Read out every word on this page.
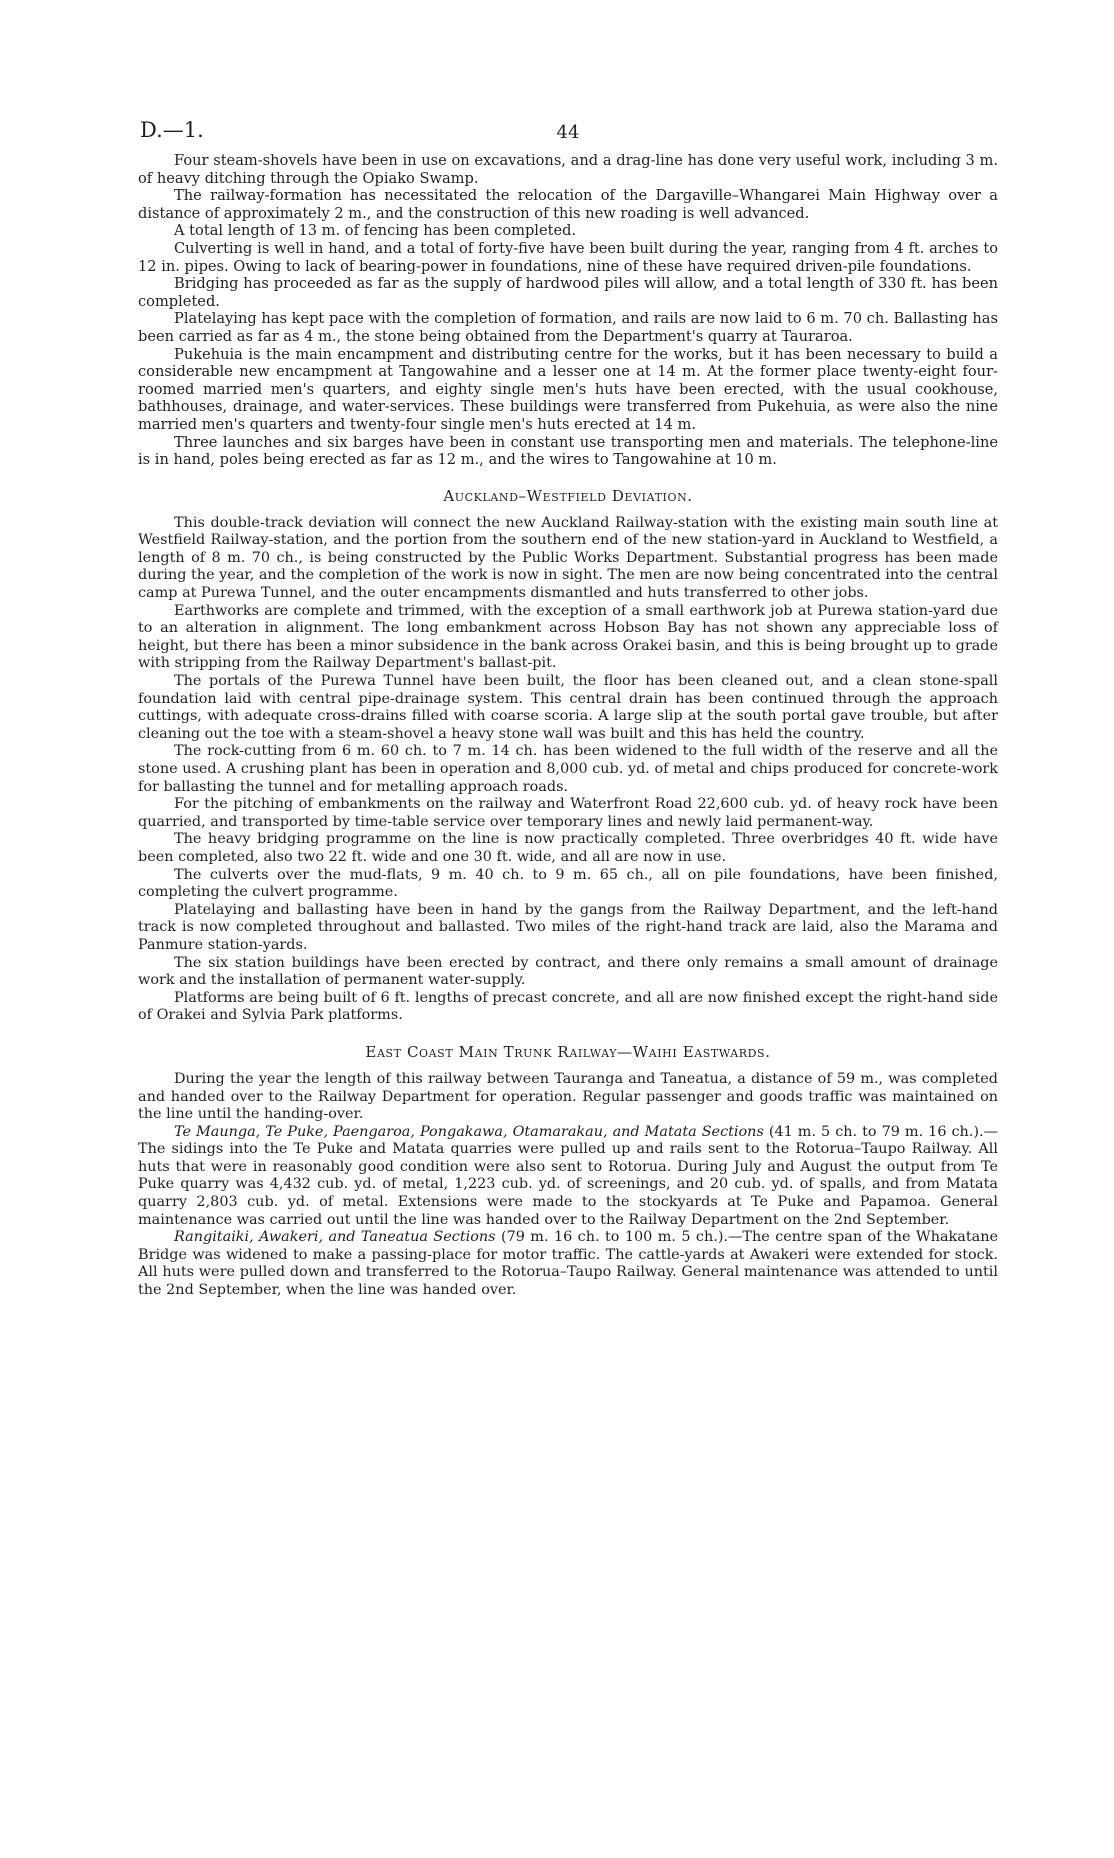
D.—1.	44

Four steam-shovels have been in use on excavations, and a drag-line has done very useful work, including 3 m. of heavy ditching through the Opiako Swamp.

The railway-formation has necessitated the relocation of the Dargaville–Whangarei Main Highway over a distance of approximately 2 m., and the construction of this new roading is well advanced.

A total length of 13 m. of fencing has been completed.

Culverting is well in hand, and a total of forty-five have been built during the year, ranging from 4 ft. arches to 12 in. pipes. Owing to lack of bearing-power in foundations, nine of these have required driven-pile foundations.

Bridging has proceeded as far as the supply of hardwood piles will allow, and a total length of 330 ft. has been completed.

Platelaying has kept pace with the completion of formation, and rails are now laid to 6 m. 70 ch. Ballasting has been carried as far as 4 m., the stone being obtained from the Department's quarry at Tauraroa.

Pukehuia is the main encampment and distributing centre for the works, but it has been necessary to build a considerable new encampment at Tangowahine and a lesser one at 14 m. At the former place twenty-eight four-roomed married men's quarters, and eighty single men's huts have been erected, with the usual cookhouse, bathhouses, drainage, and water-services. These buildings were transferred from Pukehuia, as were also the nine married men's quarters and twenty-four single men's huts erected at 14 m.

Three launches and six barges have been in constant use transporting men and materials. The telephone-line is in hand, poles being erected as far as 12 m., and the wires to Tangowahine at 10 m.

Auckland–Westfield Deviation.

This double-track deviation will connect the new Auckland Railway-station with the existing main south line at Westfield Railway-station, and the portion from the southern end of the new station-yard in Auckland to Westfield, a length of 8 m. 70 ch., is being constructed by the Public Works Department. Substantial progress has been made during the year, and the completion of the work is now in sight. The men are now being concentrated into the central camp at Purewa Tunnel, and the outer encampments dismantled and huts transferred to other jobs.

Earthworks are complete and trimmed, with the exception of a small earthwork job at Purewa station-yard due to an alteration in alignment. The long embankment across Hobson Bay has not shown any appreciable loss of height, but there has been a minor subsidence in the bank across Orakei basin, and this is being brought up to grade with stripping from the Railway Department's ballast-pit.

The portals of the Purewa Tunnel have been built, the floor has been cleaned out, and a clean stone-spall foundation laid with central pipe-drainage system. This central drain has been continued through the approach cuttings, with adequate cross-drains filled with coarse scoria. A large slip at the south portal gave trouble, but after cleaning out the toe with a steam-shovel a heavy stone wall was built and this has held the country.

The rock-cutting from 6 m. 60 ch. to 7 m. 14 ch. has been widened to the full width of the reserve and all the stone used. A crushing plant has been in operation and 8,000 cub. yd. of metal and chips produced for concrete-work for ballasting the tunnel and for metalling approach roads.

For the pitching of embankments on the railway and Waterfront Road 22,600 cub. yd. of heavy rock have been quarried, and transported by time-table service over temporary lines and newly laid permanent-way.

The heavy bridging programme on the line is now practically completed. Three overbridges 40 ft. wide have been completed, also two 22 ft. wide and one 30 ft. wide, and all are now in use.

The culverts over the mud-flats, 9 m. 40 ch. to 9 m. 65 ch., all on pile foundations, have been finished, completing the culvert programme.

Platelaying and ballasting have been in hand by the gangs from the Railway Department, and the left-hand track is now completed throughout and ballasted. Two miles of the right-hand track are laid, also the Marama and Panmure station-yards.

The six station buildings have been erected by contract, and there only remains a small amount of drainage work and the installation of permanent water-supply.

Platforms are being built of 6 ft. lengths of precast concrete, and all are now finished except the right-hand side of Orakei and Sylvia Park platforms.

East Coast Main Trunk Railway—Waihi Eastwards.

During the year the length of this railway between Tauranga and Taneatua, a distance of 59 m., was completed and handed over to the Railway Department for operation. Regular passenger and goods traffic was maintained on the line until the handing-over.

Te Maunga, Te Puke, Paengaroa, Pongakawa, Otamarakau, and Matata Sections (41 m. 5 ch. to 79 m. 16 ch.).—The sidings into the Te Puke and Matata quarries were pulled up and rails sent to the Rotorua–Taupo Railway. All huts that were in reasonably good condition were also sent to Rotorua. During July and August the output from Te Puke quarry was 4,432 cub. yd. of metal, 1,223 cub. yd. of screenings, and 20 cub. yd. of spalls, and from Matata quarry 2,803 cub. yd. of metal. Extensions were made to the stockyards at Te Puke and Papamoa. General maintenance was carried out until the line was handed over to the Railway Department on the 2nd September.

Rangitaiki, Awakeri, and Taneatua Sections (79 m. 16 ch. to 100 m. 5 ch.).—The centre span of the Whakatane Bridge was widened to make a passing-place for motor traffic. The cattle-yards at Awakeri were extended for stock. All huts were pulled down and transferred to the Rotorua–Taupo Railway. General maintenance was attended to until the 2nd September, when the line was handed over.
